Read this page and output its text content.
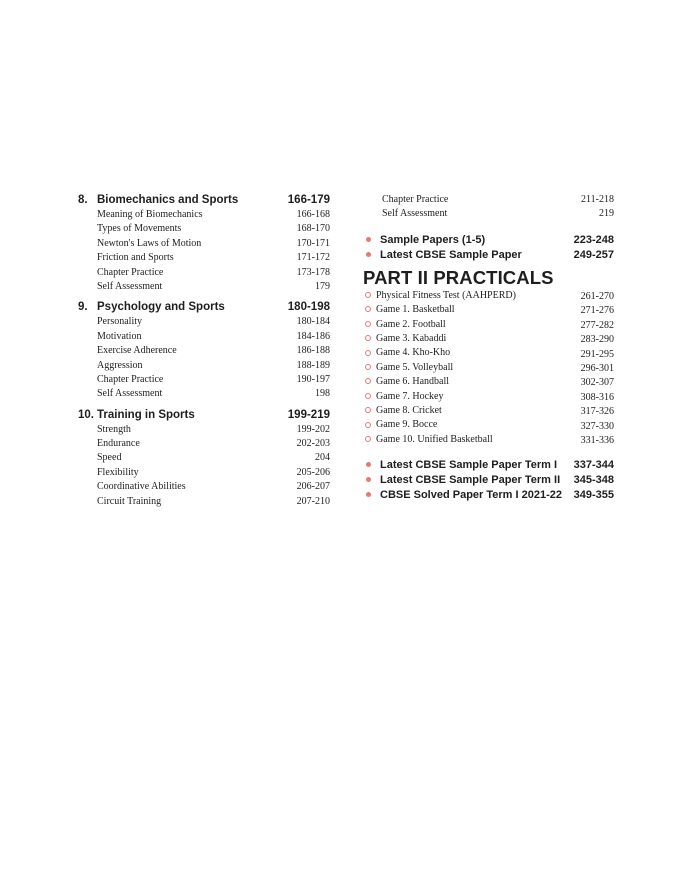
8. Biomechanics and Sports	166-179
Meaning of Biomechanics	166-168
Types of Movements	168-170
Newton's Laws of Motion	170-171
Friction and Sports	171-172
Chapter Practice	173-178
Self Assessment	179
9. Psychology and Sports	180-198
Personality	180-184
Motivation	184-186
Exercise Adherence	186-188
Aggression	188-189
Chapter Practice	190-197
Self Assessment	198
10. Training in Sports	199-219
Strength	199-202
Endurance	202-203
Speed	204
Flexibility	205-206
Coordinative Abilities	206-207
Circuit Training	207-210
Chapter Practice	211-218
Self Assessment	219
Sample Papers (1-5)	223-248
Latest CBSE Sample Paper	249-257
PART II PRACTICALS
Physical Fitness Test (AAHPERD)	261-270
Game 1. Basketball	271-276
Game 2. Football	277-282
Game 3. Kabaddi	283-290
Game 4. Kho-Kho	291-295
Game 5. Volleyball	296-301
Game 6. Handball	302-307
Game 7. Hockey	308-316
Game 8. Cricket	317-326
Game 9. Bocce	327-330
Game 10. Unified Basketball	331-336
Latest CBSE Sample Paper Term I 337-344
Latest CBSE Sample Paper Term II 345-348
CBSE Solved Paper Term I 2021-22 349-355
